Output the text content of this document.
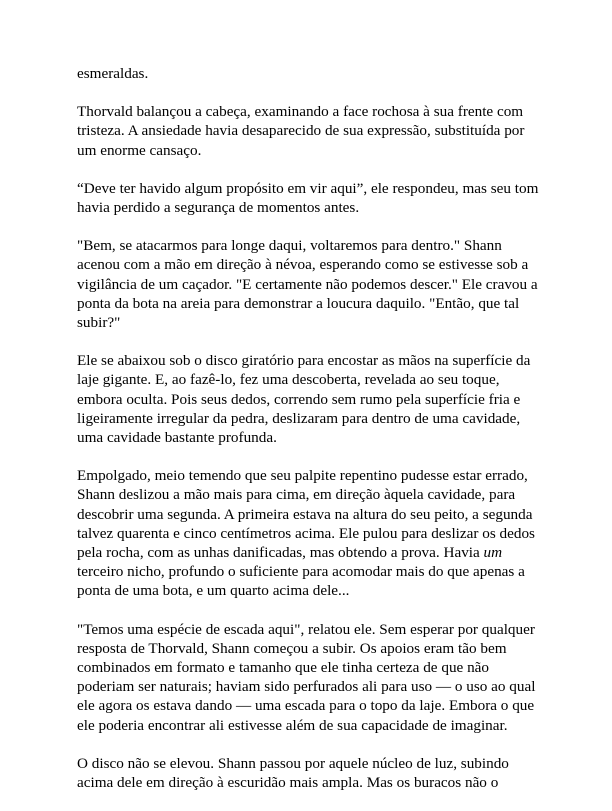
esmeraldas.

Thorvald balançou a cabeça, examinando a face rochosa à sua frente com tristeza. A ansiedade havia desaparecido de sua expressão, substituída por um enorme cansaço.

“Deve ter havido algum propósito em vir aqui”, ele respondeu, mas seu tom havia perdido a segurança de momentos antes.

"Bem, se atacarmos para longe daqui, voltaremos para dentro." Shann acenou com a mão em direção à névoa, esperando como se estivesse sob a vigilância de um caçador. "E certamente não podemos descer." Ele cravou a ponta da bota na areia para demonstrar a loucura daquilo. "Então, que tal subir?"

Ele se abaixou sob o disco giratório para encostar as mãos na superfície da laje gigante. E, ao fazê-lo, fez uma descoberta, revelada ao seu toque, embora oculta. Pois seus dedos, correndo sem rumo pela superfície fria e ligeiramente irregular da pedra, deslizaram para dentro de uma cavidade, uma cavidade bastante profunda.

Empolgado, meio temendo que seu palpite repentino pudesse estar errado, Shann deslizou a mão mais para cima, em direção àquela cavidade, para descobrir uma segunda. A primeira estava na altura do seu peito, a segunda talvez quarenta e cinco centímetros acima. Ele pulou para deslizar os dedos pela rocha, com as unhas danificadas, mas obtendo a prova. Havia um terceiro nicho, profundo o suficiente para acomodar mais do que apenas a ponta de uma bota, e um quarto acima dele...

"Temos uma espécie de escada aqui", relatou ele. Sem esperar por qualquer resposta de Thorvald, Shann começou a subir. Os apoios eram tão bem combinados em formato e tamanho que ele tinha certeza de que não poderiam ser naturais; haviam sido perfurados ali para uso — o uso ao qual ele agora os estava dando — uma escada para o topo da laje. Embora o que ele poderia encontrar ali estivesse além de sua capacidade de imaginar.

O disco não se elevou. Shann passou por aquele núcleo de luz, subindo acima dele em direção à escuridão mais ampla. Mas os buracos não o
